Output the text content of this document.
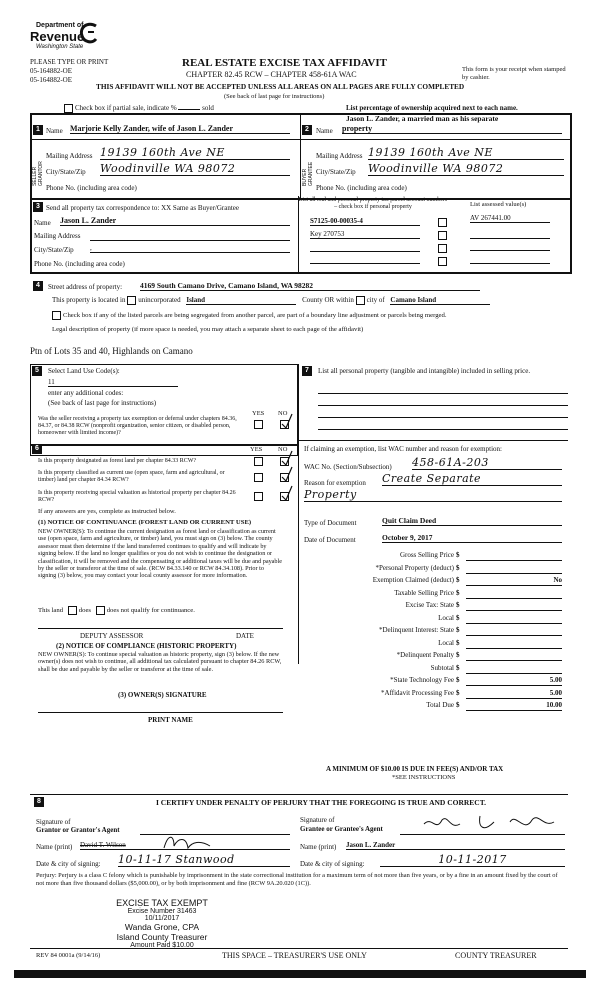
Department of
Revenue
Washington State
PLEASE TYPE OR PRINT
05-164882-OE
05-164882-OE
REAL ESTATE EXCISE TAX AFFIDAVIT
CHAPTER 82.45 RCW – CHAPTER 458-61A WAC
This form is your receipt when stamped by cashier.
THIS AFFIDAVIT WILL NOT BE ACCEPTED UNLESS ALL AREAS ON ALL PAGES ARE FULLY COMPLETED
(See back of last page for instructions)
Check box if partial sale, indicate %	sold	List percentage of ownership acquired next to each name.
1 Name Marjorie Kelly Zander, wife of Jason L. Zander
SELLER GRANTOR
Mailing Address 19139 160th Ave NE
City/State/Zip Woodinville WA 98072
Phone No. (including area code)
Jason L. Zander, a married man as his separate
2	Name property
BUYER GRANTEE
Mailing Address 19139 160th Ave NE
City/State/Zip Woodinville WA 98072
Phone No. (including area code)
3 Send all property tax correspondence to: XX Same as Buyer/Grantee
Name Jason L. Zander
Mailing Address
City/State/Zip ,
Phone No. (including area code)
List all real and personal property tax parcel account numbers – check box if personal property	List assessed value(s)
S7125-00-00035-4	AV 267441.00
Key 270753
4	Street address of property: 4169 South Camano Drive, Camano Island, WA 98282
This property is located in unincorporated Island	County OR within city of Camano Island
Check box if any of the listed parcels are being segregated from another parcel, are part of a boundary line adjustment or parcels being merged.
Legal description of property (if more space is needed, you may attach a separate sheet to each page of the affidavit)
Ptn of Lots 35 and 40, Highlands on Camano
5	Select Land Use Code(s):
11
enter any additional codes:
(See back of last page for instructions)
YES NO
Was the seller receiving a property tax exemption or deferral under chapters 84.36, 84.37, or 84.38 RCW (nonprofit organization, senior citizen, or disabled person, homeowner with limited income)?
7	List all personal property (tangible and intangible) included in selling price.
6	YES NO
Is this property designated as forest land per chapter 84.33 RCW?
Is this property classified as current use (open space, farm and agricultural, or timber) land per chapter 84.34 RCW?
Is this property receiving special valuation as historical property per chapter 84.26 RCW?
If any answers are yes, complete as instructed below.
(1) NOTICE OF CONTINUANCE (FOREST LAND OR CURRENT USE)
NEW OWNER(S): To continue the current designation as forest land or classification as current use (open space, farm and agriculture, or timber) land, you must sign on (3) below. The county assessor must then determine if the land transferred continues to qualify and will indicate by signing below. If the land no longer qualifies or you do not wish to continue the designation or classification, it will be removed and the compensating or additional taxes will be due and payable by the seller or transferor at the time of sale. (RCW 84.33.140 or RCW 84.34.108). Prior to signing (3) below, you may contact your local county assessor for more information.
This land does does not qualify for continuance.
DEPUTY ASSESSOR	DATE
(2) NOTICE OF COMPLIANCE (HISTORIC PROPERTY)
NEW OWNER(S): To continue special valuation as historic property, sign (3) below. If the new owner(s) does not wish to continue, all additional tax calculated pursuant to chapter 84.26 RCW, shall be due and payable by the seller or transferor at the time of sale.
(3) OWNER(S) SIGNATURE
PRINT NAME
If claiming an exemption, list WAC number and reason for exemption:
WAC No. (Section/Subsection) 458-61A-203
Reason for exemption Create Separate
Property
Type of Document	Quit Claim Deed
Date of Document	October 9, 2017
Gross Selling Price $
*Personal Property (deduct) $
Exemption Claimed (deduct) $	No
Taxable Selling Price $
Excise Tax: State $
Local $
*Delinquent Interest: State $
Local $
*Delinquent Penalty $
Subtotal $
*State Technology Fee $	5.00
*Affidavit Processing Fee $	5.00
Total Due $	10.00
A MINIMUM OF $10.00 IS DUE IN FEE(S) AND/OR TAX
*SEE INSTRUCTIONS
8	I CERTIFY UNDER PENALTY OF PERJURY THAT THE FOREGOING IS TRUE AND CORRECT.
Signature of
Grantor or Grantor's Agent
Signature of
Grantee or Grantee's Agent
Name (print) David T. Wilson	Name (print) Jason L. Zander
Date & city of signing: 10-11-17 Stanwood	Date & city of signing:	10-11-2017
Perjury: Perjury is a class C felony which is punishable by imprisonment in the state correctional institution for a maximum term of not more than five years, or by a fine in an amount fixed by the court of not more than five thousand dollars ($5,000.00), or by both imprisonment and fine (RCW 9A.20.020 (1C)).
EXCISE TAX EXEMPT
Excise Number 31463
10/11/2017
Wanda Grone, CPA
Island County Treasurer
Amount Paid $10.00
REV 84 0001a (9/14/16)	THIS SPACE – TREASURER'S USE ONLY	COUNTY TREASURER
